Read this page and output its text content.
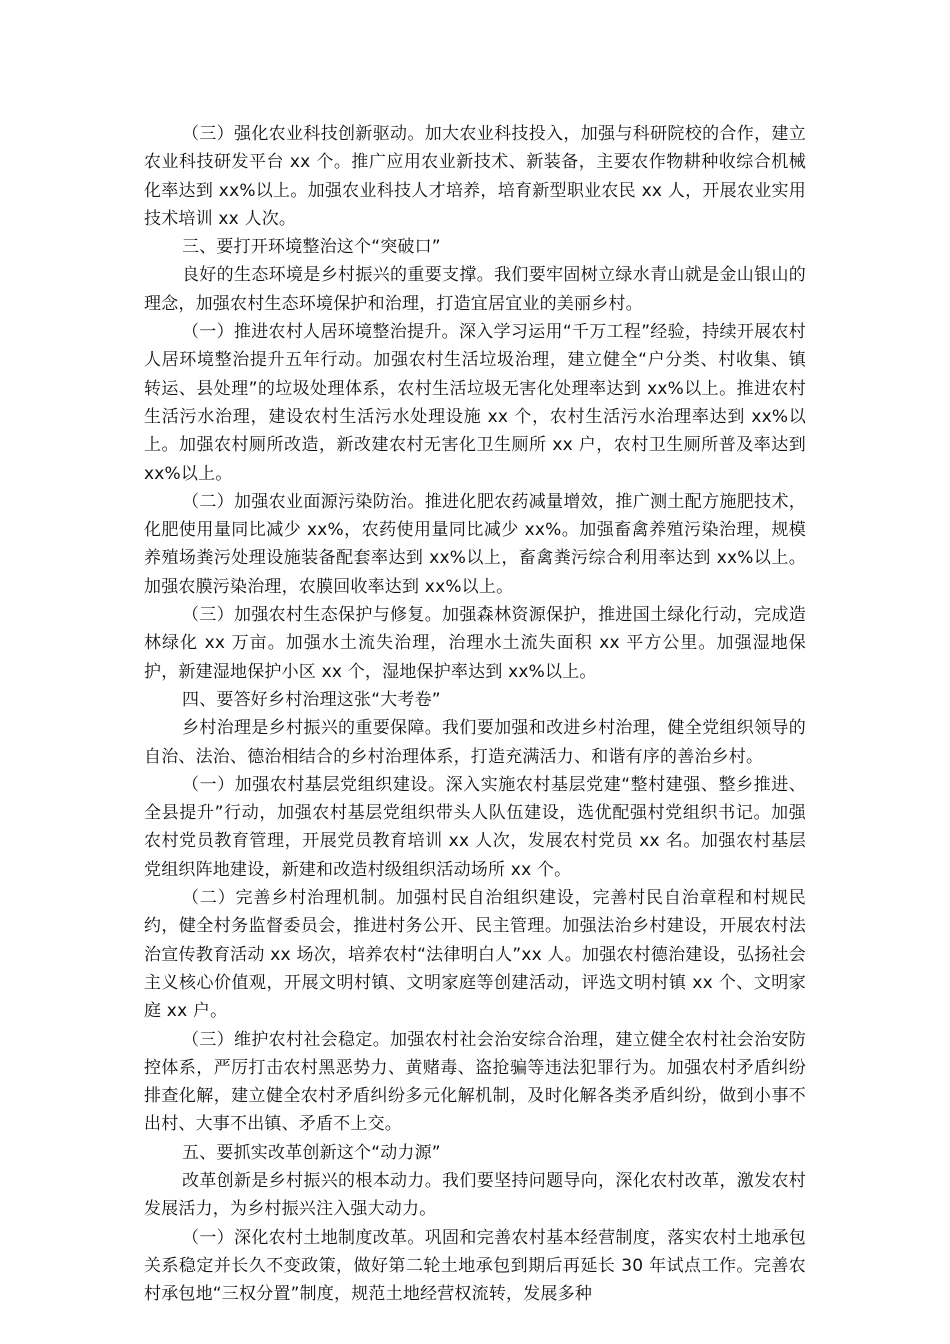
（三）强化农业科技创新驱动。加大农业科技投入，加强与科研院校的合作，建立农业科技研发平台 xx 个。推广应用农业新技术、新装备，主要农作物耕种收综合机械化率达到 xx%以上。加强农业科技人才培养，培育新型职业农民 xx 人，开展农业实用技术培训 xx 人次。

三、要打开环境整治这个“突破口”

良好的生态环境是乡村振兴的重要支撑。我们要牢固树立绿水青山就是金山银山的理念，加强农村生态环境保护和治理，打造宜居宜业的美丽乡村。

（一）推进农村人居环境整治提升。深入学习运用“千万工程”经验，持续开展农村人居环境整治提升五年行动。加强农村生活垃圾治理，建立健全“户分类、村收集、镇转运、县处理”的垃圾处理体系，农村生活垃圾无害化处理率达到 xx%以上。推进农村生活污水治理，建设农村生活污水处理设施 xx 个，农村生活污水治理率达到 xx%以上。加强农村厕所改造，新改建农村无害化卫生厕所 xx 户，农村卫生厕所普及率达到 xx%以上。

（二）加强农业面源污染防治。推进化肥农药减量增效，推广测土配方施肥技术，化肥使用量同比减少 xx%，农药使用量同比减少 xx%。加强畜禽养殖污染治理，规模养殖场粪污处理设施装备配套率达到 xx%以上，畜禽粪污综合利用率达到 xx%以上。加强农膜污染治理，农膜回收率达到 xx%以上。

（三）加强农村生态保护与修复。加强森林资源保护，推进国土绿化行动，完成造林绿化 xx 万亩。加强水土流失治理，治理水土流失面积 xx 平方公里。加强湿地保护，新建湿地保护小区 xx 个，湿地保护率达到 xx%以上。

四、要答好乡村治理这张“大考卷”

乡村治理是乡村振兴的重要保障。我们要加强和改进乡村治理，健全党组织领导的自治、法治、德治相结合的乡村治理体系，打造充满活力、和谐有序的善治乡村。

（一）加强农村基层党组织建设。深入实施农村基层党建“整村建强、整乡推进、全县提升”行动，加强农村基层党组织带头人队伍建设，选优配强村党组织书记。加强农村党员教育管理，开展党员教育培训 xx 人次，发展农村党员 xx 名。加强农村基层党组织阵地建设，新建和改造村级组织活动场所 xx 个。

（二）完善乡村治理机制。加强村民自治组织建设，完善村民自治章程和村规民约，健全村务监督委员会，推进村务公开、民主管理。加强法治乡村建设，开展农村法治宣传教育活动 xx 场次，培养农村“法律明白人”xx 人。加强农村德治建设，弘扬社会主义核心价值观，开展文明村镇、文明家庭等创建活动，评选文明村镇 xx 个、文明家庭 xx 户。

（三）维护农村社会稳定。加强农村社会治安综合治理，建立健全农村社会治安防控体系，严厉打击农村黑恶势力、黄赌毒、盗抢骗等违法犯罪行为。加强农村矛盾纠纷排查化解，建立健全农村矛盾纠纷多元化解机制，及时化解各类矛盾纠纷，做到小事不出村、大事不出镇、矛盾不上交。

五、要抓实改革创新这个“动力源”

改革创新是乡村振兴的根本动力。我们要坚持问题导向，深化农村改革，激发农村发展活力，为乡村振兴注入强大动力。

（一）深化农村土地制度改革。巩固和完善农村基本经营制度，落实农村土地承包关系稳定并长久不变政策，做好第二轮土地承包到期后再延长 30 年试点工作。完善农村承包地“三权分置”制度，规范土地经营权流转，发展多种
